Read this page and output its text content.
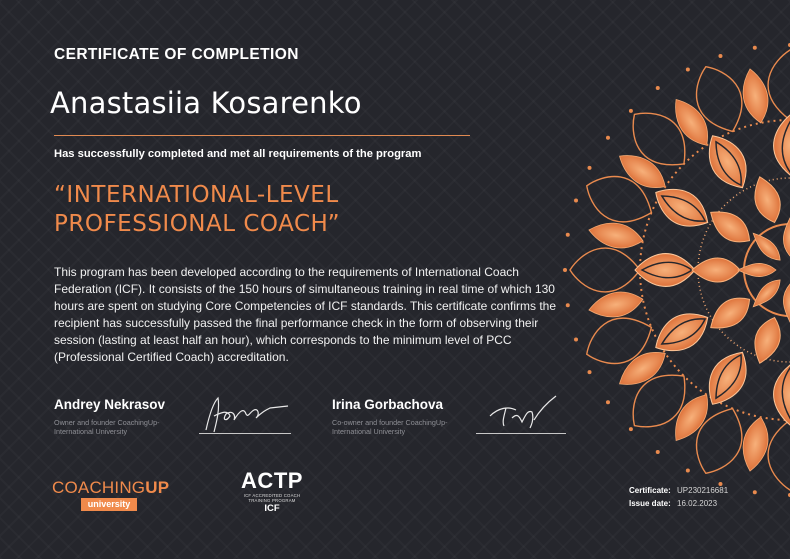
CERTIFICATE OF COMPLETION
Anastasiia Kosarenko
Has successfully completed and met all requirements of the program
“INTERNATIONAL-LEVEL
PROFESSIONAL COACH”
This program has been developed according to the requirements of International Coach Federation (ICF). It consists of the 150 hours of simultaneous training in real time of which 130 hours are spent on studying Core Competencies of ICF standards. This certificate confirms the recipient has successfully passed the final performance check in the form of observing their session (lasting at least half an hour), which corresponds to the minimum level of PCC (Professional Certified Coach) accreditation.
Andrey Nekrasov
Owner and founder CoachingUp-
International University
Irina Gorbachova
Co-owner and founder CoachingUp-
International University
COACHINGUP
university
ACTP
ICF ACCREDITED COACH
TRAINING PROGRAM
ICF
Certificate: UP230216681
Issue date: 16.02.2023
